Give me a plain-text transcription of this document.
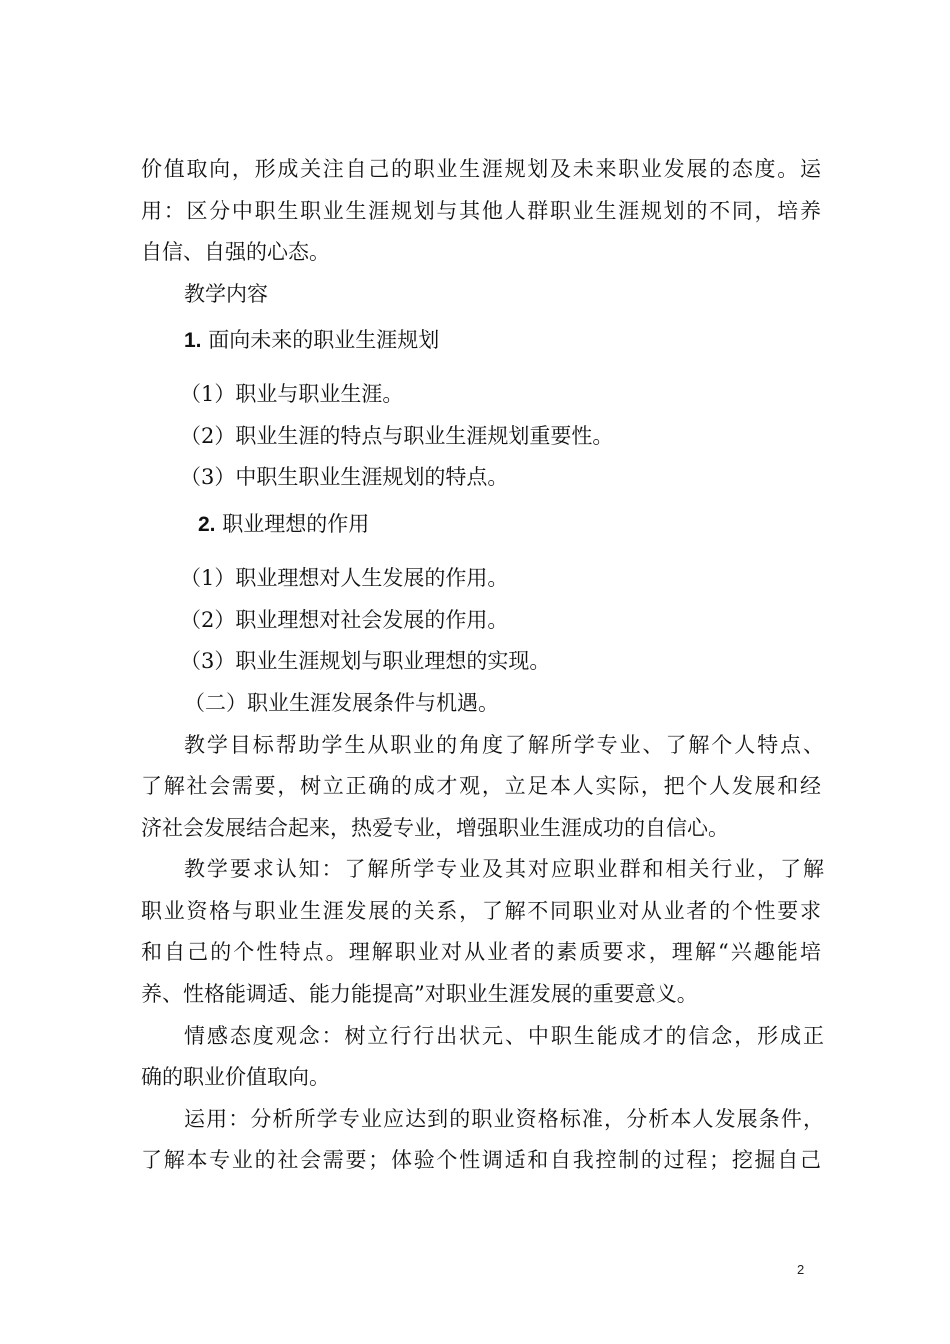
价值取向，形成关注自己的职业生涯规划及未来职业发展的态度。运

用：区分中职生职业生涯规划与其他人群职业生涯规划的不同，培养

自信、自强的心态。

教学内容

1. 面向未来的职业生涯规划

（1）职业与职业生涯。

（2）职业生涯的特点与职业生涯规划重要性。

（3）中职生职业生涯规划的特点。

2. 职业理想的作用

（1）职业理想对人生发展的作用。

（2）职业理想对社会发展的作用。

（3）职业生涯规划与职业理想的实现。

（二）职业生涯发展条件与机遇。

教学目标帮助学生从职业的角度了解所学专业、了解个人特点、

了解社会需要，树立正确的成才观，立足本人实际，把个人发展和经

济社会发展结合起来，热爱专业，增强职业生涯成功的自信心。

教学要求认知：了解所学专业及其对应职业群和相关行业，了解

职业资格与职业生涯发展的关系，了解不同职业对从业者的个性要求

和自己的个性特点。理解职业对从业者的素质要求，理解“兴趣能培

养、性格能调适、能力能提高”对职业生涯发展的重要意义。

情感态度观念：树立行行出状元、中职生能成才的信念，形成正

确的职业价值取向。

运用：分析所学专业应达到的职业资格标准，分析本人发展条件，

了解本专业的社会需要；体验个性调适和自我控制的过程；挖掘自己

2
